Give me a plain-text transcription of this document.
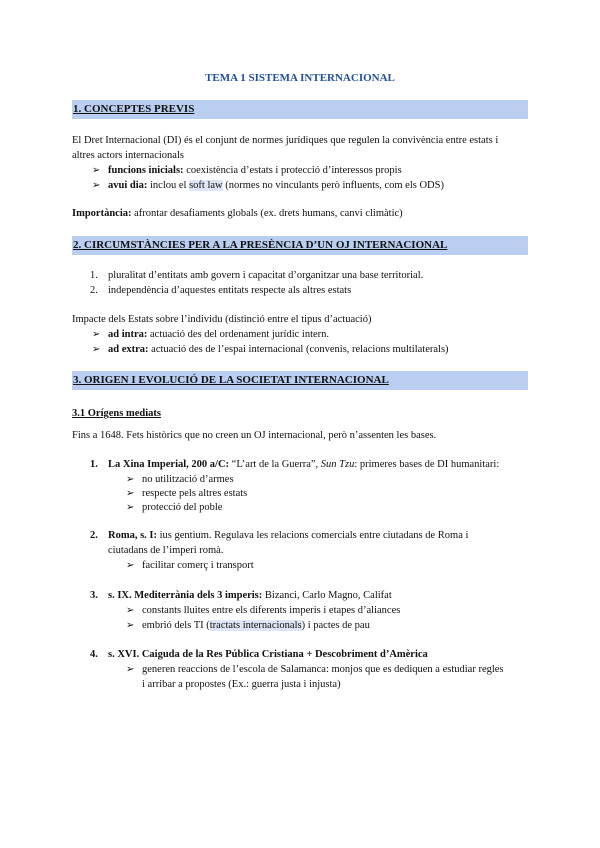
TEMA 1 SISTEMA INTERNACIONAL
1. CONCEPTES PREVIS
El Dret Internacional (DI) és el conjunt de normes jurídiques que regulen la convivència entre estats i
altres actors internacionals
➢ funcions inicials: coexistència d’estats i protecció d’interessos propis
➢ avui dia: inclou el soft law (normes no vinculants però influents, com els ODS)
Importància: afrontar desafiaments globals (ex. drets humans, canvi climàtic)
2. CIRCUMSTÀNCIES PER A LA PRESÈNCIA D’UN OJ INTERNACIONAL
1. pluralitat d’entitats amb govern i capacitat d’organitzar una base territorial.
2. independència d’aquestes entitats respecte als altres estats
Impacte dels Estats sobre l’individu (distinció entre el tipus d’actuació)
➢ ad intra: actuació des del ordenament jurídic intern.
➢ ad extra: actuació des de l’espai internacional (convenis, relacions multilaterals)
3. ORIGEN I EVOLUCIÓ DE LA SOCIETAT INTERNACIONAL
3.1 Orígens mediats
Fins a 1648. Fets històrics que no creen un OJ internacional, però n’assenten les bases.
1. La Xina Imperial, 200 a/C: “L’art de la Guerra”, Sun Tzu: primeres bases de DI humanitari:
➢ no utilització d’armes
➢ respecte pels altres estats
➢ protecció del poble
2. Roma, s. I: ius gentium. Regulava les relacions comercials entre ciutadans de Roma i
ciutadans de l’imperi romà.
➢ facilitar comerç i transport
3. s. IX. Mediterrània dels 3 imperis: Bizanci, Carlo Magno, Califat
➢ constants lluites entre els diferents imperis i etapes d’aliances
➢ embrió dels TI (tractats internacionals) i pactes de pau
4. s. XVI. Caiguda de la Res Pública Cristiana + Descobriment d’Amèrica
➢ generen reaccions de l’escola de Salamanca: monjos que es dediquen a estudiar regles
i arribar a propostes (Ex.: guerra justa i injusta)
